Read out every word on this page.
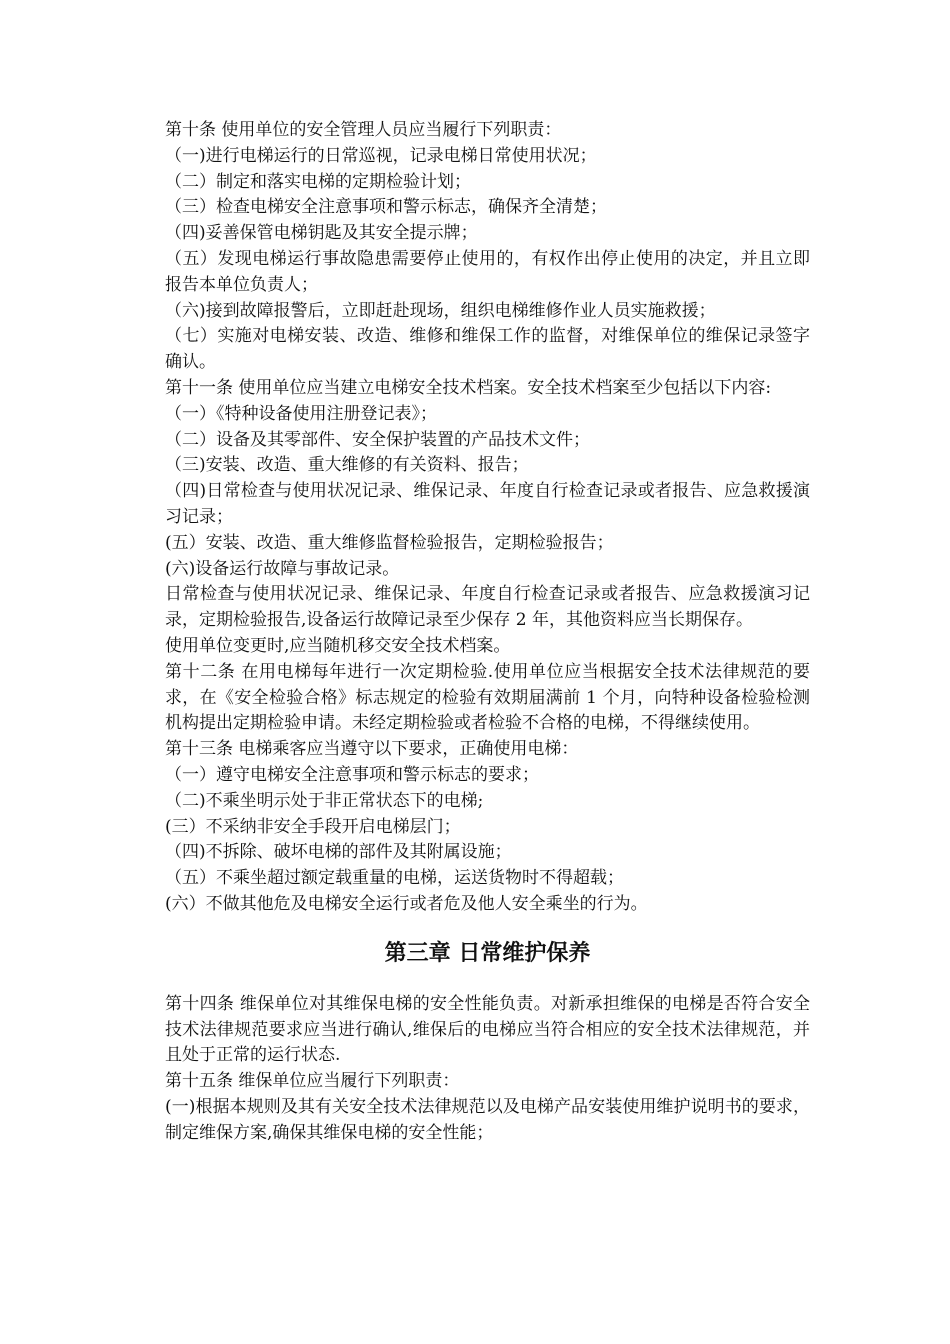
第十条 使用单位的安全管理人员应当履行下列职责：

（一)进行电梯运行的日常巡视，记录电梯日常使用状况；

（二）制定和落实电梯的定期检验计划；

（三）检查电梯安全注意事项和警示标志，确保齐全清楚；

（四)妥善保管电梯钥匙及其安全提示牌；

（五）发现电梯运行事故隐患需要停止使用的，有权作出停止使用的决定，并且立即报告本单位负责人；

（六)接到故障报警后，立即赶赴现场，组织电梯维修作业人员实施救援；

（七）实施对电梯安装、改造、维修和维保工作的监督，对维保单位的维保记录签字确认。

第十一条 使用单位应当建立电梯安全技术档案。安全技术档案至少包括以下内容:

（一）《特种设备使用注册登记表》；

（二）设备及其零部件、安全保护装置的产品技术文件；

（三)安装、改造、重大维修的有关资料、报告；

（四)日常检查与使用状况记录、维保记录、年度自行检查记录或者报告、应急救援演习记录；

(五）安装、改造、重大维修监督检验报告，定期检验报告；

(六)设备运行故障与事故记录。

日常检查与使用状况记录、维保记录、年度自行检查记录或者报告、应急救援演习记录，定期检验报告,设备运行故障记录至少保存 2 年，其他资料应当长期保存。

使用单位变更时,应当随机移交安全技术档案。

第十二条 在用电梯每年进行一次定期检验.使用单位应当根据安全技术法律规范的要求，在《安全检验合格》标志规定的检验有效期届满前 1 个月，向特种设备检验检测机构提出定期检验申请。未经定期检验或者检验不合格的电梯，不得继续使用。

第十三条 电梯乘客应当遵守以下要求，正确使用电梯：

（一）遵守电梯安全注意事项和警示标志的要求；

（二)不乘坐明示处于非正常状态下的电梯;

(三）不采纳非安全手段开启电梯层门；

（四)不拆除、破坏电梯的部件及其附属设施；

（五）不乘坐超过额定载重量的电梯，运送货物时不得超载；

(六）不做其他危及电梯安全运行或者危及他人安全乘坐的行为。

第三章 日常维护保养

第十四条 维保单位对其维保电梯的安全性能负责。对新承担维保的电梯是否符合安全技术法律规范要求应当进行确认,维保后的电梯应当符合相应的安全技术法律规范，并且处于正常的运行状态.

第十五条 维保单位应当履行下列职责：

(一)根据本规则及其有关安全技术法律规范以及电梯产品安装使用维护说明书的要求，制定维保方案,确保其维保电梯的安全性能；
